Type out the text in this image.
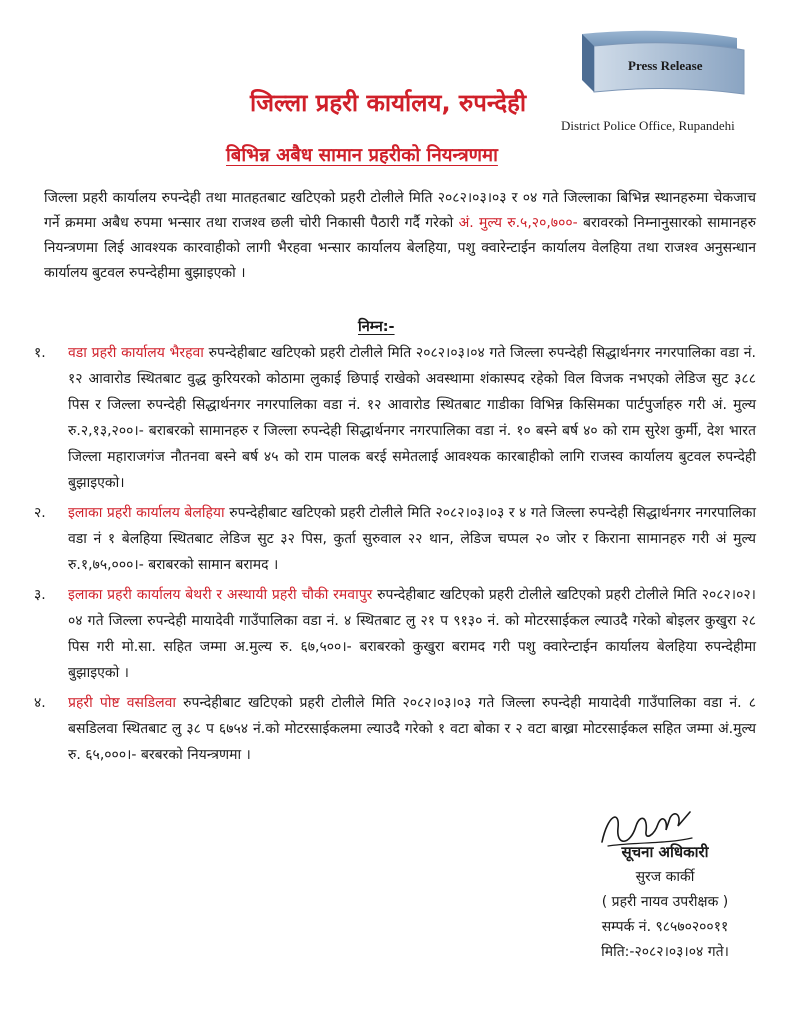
Press Release
जिल्ला प्रहरी कार्यालय, रुपन्देही
District Police Office, Rupandehi
बिभिन्न अबैध सामान प्रहरीको नियन्त्रणमा

जिल्ला प्रहरी कार्यालय रुपन्देही तथा मातहतबाट खटिएको प्रहरी टोलीले मिति २०८२।०३।०३ र ०४ गते जिल्लाका बिभिन्न स्थानहरुमा चेकजाच गर्ने क्रममा अबैध रुपमा भन्सार तथा राजश्व छली चोरी निकासी पैठारी गर्दै गरेको अं. मुल्य रु.५,२०,७००- बरावरको निम्नानुसारको सामानहरु नियन्त्रणमा लिई आवश्यक कारवाहीको लागी भैरहवा भन्सार कार्यालय बेलहिया, पशु क्वारेन्टाईन कार्यालय वेलहिया तथा राजश्व अनुसन्धान कार्यालय बुटवल रुपन्देहीमा बुझाइएको ।

निम्न:-
१.	वडा प्रहरी कार्यालय भैरहवा रुपन्देहीबाट खटिएको प्रहरी टोलीले मिति २०८२।०३।०४ गते जिल्ला रुपन्देही सिद्धार्थनगर नगरपालिका वडा नं. १२ आवारोड स्थितबाट वुद्ध कुरियरको कोठामा लुकाई छिपाई राखेको अवस्थामा शंकास्पद रहेको विल विजक नभएको लेडिज सुट ३८८ पिस र जिल्ला रुपन्देही सिद्धार्थनगर नगरपालिका वडा नं. १२ आवारोड स्थितबाट गाडीका विभिन्न किसिमका पार्टपुर्जाहरु गरी अं. मुल्य रु.२,१३,२००।- बराबरको सामानहरु र जिल्ला रुपन्देही सिद्धार्थनगर नगरपालिका वडा नं. १० बस्ने बर्ष ४० को राम सुरेश कुर्मी, देश भारत जिल्ला महाराजगंज नौतनवा बस्ने बर्ष ४५ को राम पालक बरई समेतलाई आवश्यक कारबाहीको लागि राजस्व कार्यालय बुटवल रुपन्देही बुझाइएको।
२.	इलाका प्रहरी कार्यालय बेलहिया रुपन्देहीबाट खटिएको प्रहरी टोलीले मिति २०८२।०३।०३ र ४ गते जिल्ला रुपन्देही सिद्धार्थनगर नगरपालिका वडा नं १ बेलहिया स्थितबाट लेडिज सुट ३२ पिस, कुर्ता सुरुवाल २२ थान, लेडिज चप्पल २० जोर र किराना सामानहरु गरी अं मुल्य रु.१,७५,०००।- बराबरको सामान बरामद ।
३.	इलाका प्रहरी कार्यालय बेथरी र अस्थायी प्रहरी चौकी रमवापुर रुपन्देहीबाट खटिएको प्रहरी टोलीले खटिएको प्रहरी टोलीले मिति २०८२।०२।०४ गते जिल्ला रुपन्देही मायादेवी गाउँपालिका वडा नं. ४ स्थितबाट लु २१ प ९१३० नं. को मोटरसाईकल ल्याउदै गरेको बोइलर कुखुरा २८ पिस गरी मो.सा. सहित जम्मा अ.मुल्य रु. ६७,५००।- बराबरको कुखुरा बरामद गरी पशु क्वारेन्टाईन कार्यालय बेलहिया रुपन्देहीमा बुझाइएको ।
४.	प्रहरी पोष्ट वसडिलवा रुपन्देहीबाट खटिएको प्रहरी टोलीले मिति २०८२।०३।०३ गते जिल्ला रुपन्देही मायादेवी गाउँपालिका वडा नं. ८ बसडिलवा स्थितबाट लु ३८ प ६७५४ नं.को मोटरसाईकलमा ल्याउदै गरेको १ वटा बोका र २ वटा बाख्रा मोटरसाईकल सहित जम्मा अं.मुल्य रु. ६५,०००।- बरबरको नियन्त्रणमा ।
सूचना अधिकारी
सुरज कार्की
( प्रहरी नायव उपरीक्षक )
सम्पर्क नं. ९८५७०२००११
मिति:-२०८२।०३।०४ गते।
